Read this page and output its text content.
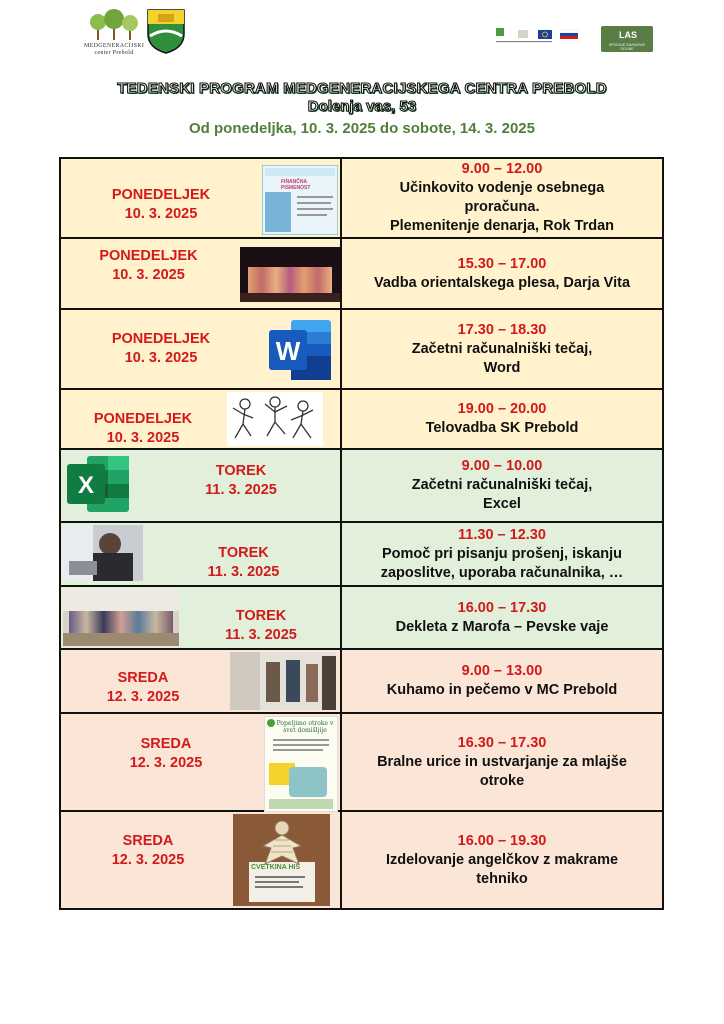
MEDGENERACIJSKI
center Prebold
LAS
SPODNJE SAVINJSKE DOLINE
TEDENSKI PROGRAM MEDGENERACIJSKEGA CENTRA PREBOLD
Dolenja vas, 53
Od ponedeljka, 10. 3. 2025 do sobote, 14. 3. 2025
PONEDELJEK
10. 3. 2025
FINANČNA PISMENOST
9.00 – 12.00
Učinkovito vodenje osebnega
proračuna.
Plemenitenje denarja, Rok Trdan
PONEDELJEK
10. 3. 2025
15.30 – 17.00
Vadba orientalskega plesa, Darja Vita
PONEDELJEK
10. 3. 2025	W
17.30 – 18.30
Začetni računalniški tečaj,
Word
PONEDELJEK
10. 3. 2025
19.00 – 20.00
Telovadba SK Prebold
X
TOREK
11. 3. 2025
9.00 – 10.00
Začetni računalniški tečaj,
Excel
TOREK
11. 3. 2025
11.30 – 12.30
Pomoč pri pisanju prošenj, iskanju
zaposlitve, uporaba računalnika, …
TOREK
11. 3. 2025
16.00 – 17.30
Dekleta z Marofa – Pevske vaje
SREDA
12. 3. 2025
9.00 – 13.00
Kuhamo in pečemo v MC Prebold
SREDA
12. 3. 2025
Popeljimo otroke v svet domišljije
16.30 – 17.30
Bralne urice in ustvarjanje za mlajše
otroke
SREDA
12. 3. 2025	CVETKINA HIŠ
16.00 – 19.30
Izdelovanje angelčkov z makrame
tehniko
